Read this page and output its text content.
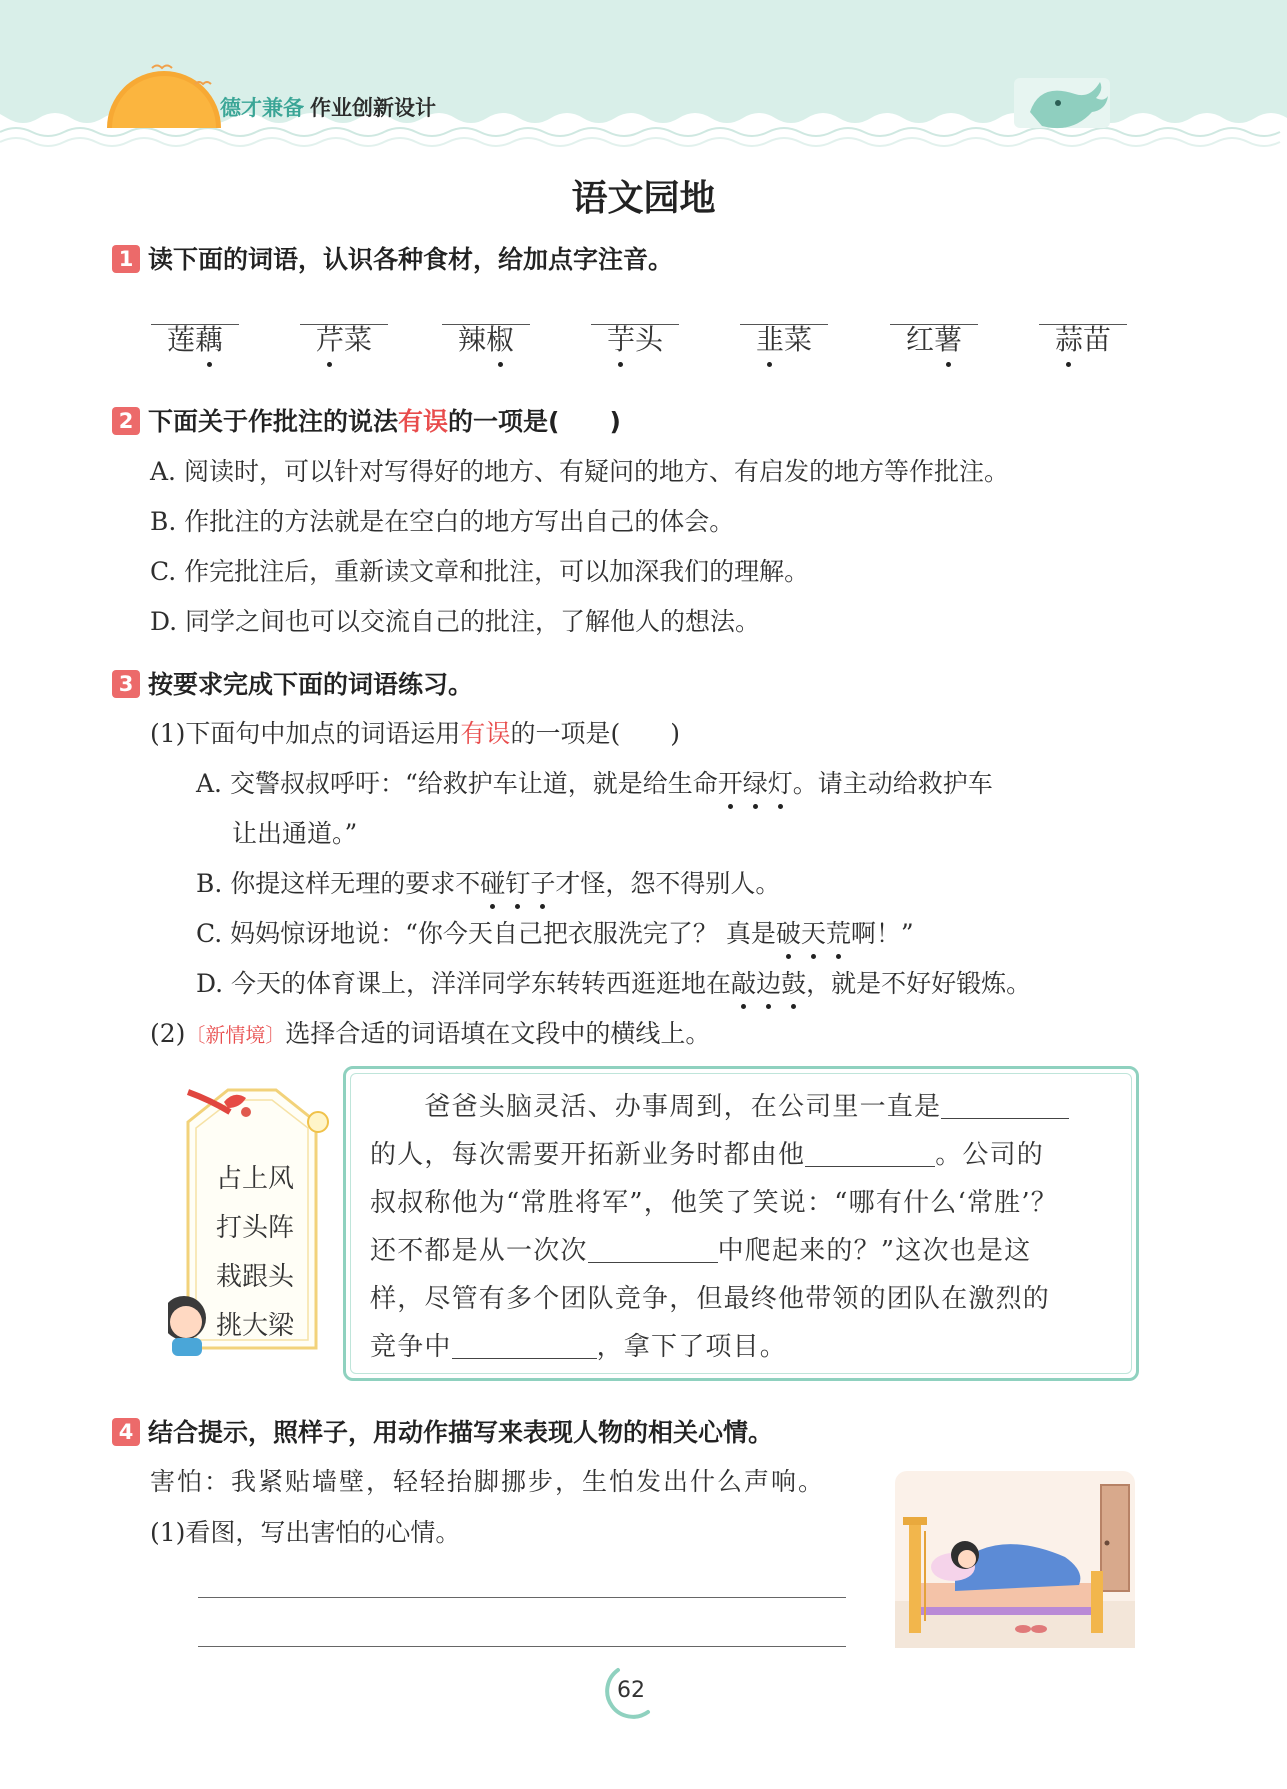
德才兼备 作业创新设计
语文园地
1 读下面的词语，认识各种食材，给加点字注音。
莲藕	芹菜	辣椒	芋头	韭菜	红薯	蒜苗
2 下面关于作批注的说法有误的一项是(　　)
A. 阅读时，可以针对写得好的地方、有疑问的地方、有启发的地方等作批注。
B. 作批注的方法就是在空白的地方写出自己的体会。
C. 作完批注后，重新读文章和批注，可以加深我们的理解。
D. 同学之间也可以交流自己的批注，了解他人的想法。
3 按要求完成下面的词语练习。
(1)下面句中加点的词语运用有误的一项是(　　)
A. 交警叔叔呼吁：“给救护车让道，就是给生命开绿灯。请主动给救护车
让出通道。”
B. 你提这样无理的要求不碰钉子才怪，怨不得别人。
C. 妈妈惊讶地说：“你今天自己把衣服洗完了？ 真是破天荒啊！”
D. 今天的体育课上，洋洋同学东转转西逛逛地在敲边鼓，就是不好好锻炼。
(2)〔新情境〕选择合适的词语填在文段中的横线上。
占上风
打头阵
栽跟头
挑大梁
　　爸爸头脑灵活、办事周到，在公司里一直是
的人，每次需要开拓新业务时都由他	。公司的
叔叔称他为“常胜将军”，他笑了笑说：“哪有什么‘常胜’？
还不都是从一次次	中爬起来的？”这次也是这
样，尽管有多个团队竞争，但最终他带领的团队在激烈的
竞争中	，拿下了项目。
4 结合提示，照样子，用动作描写来表现人物的相关心情。
害怕：我紧贴墙壁，轻轻抬脚挪步，生怕发出什么声响。
(1)看图，写出害怕的心情。
62
